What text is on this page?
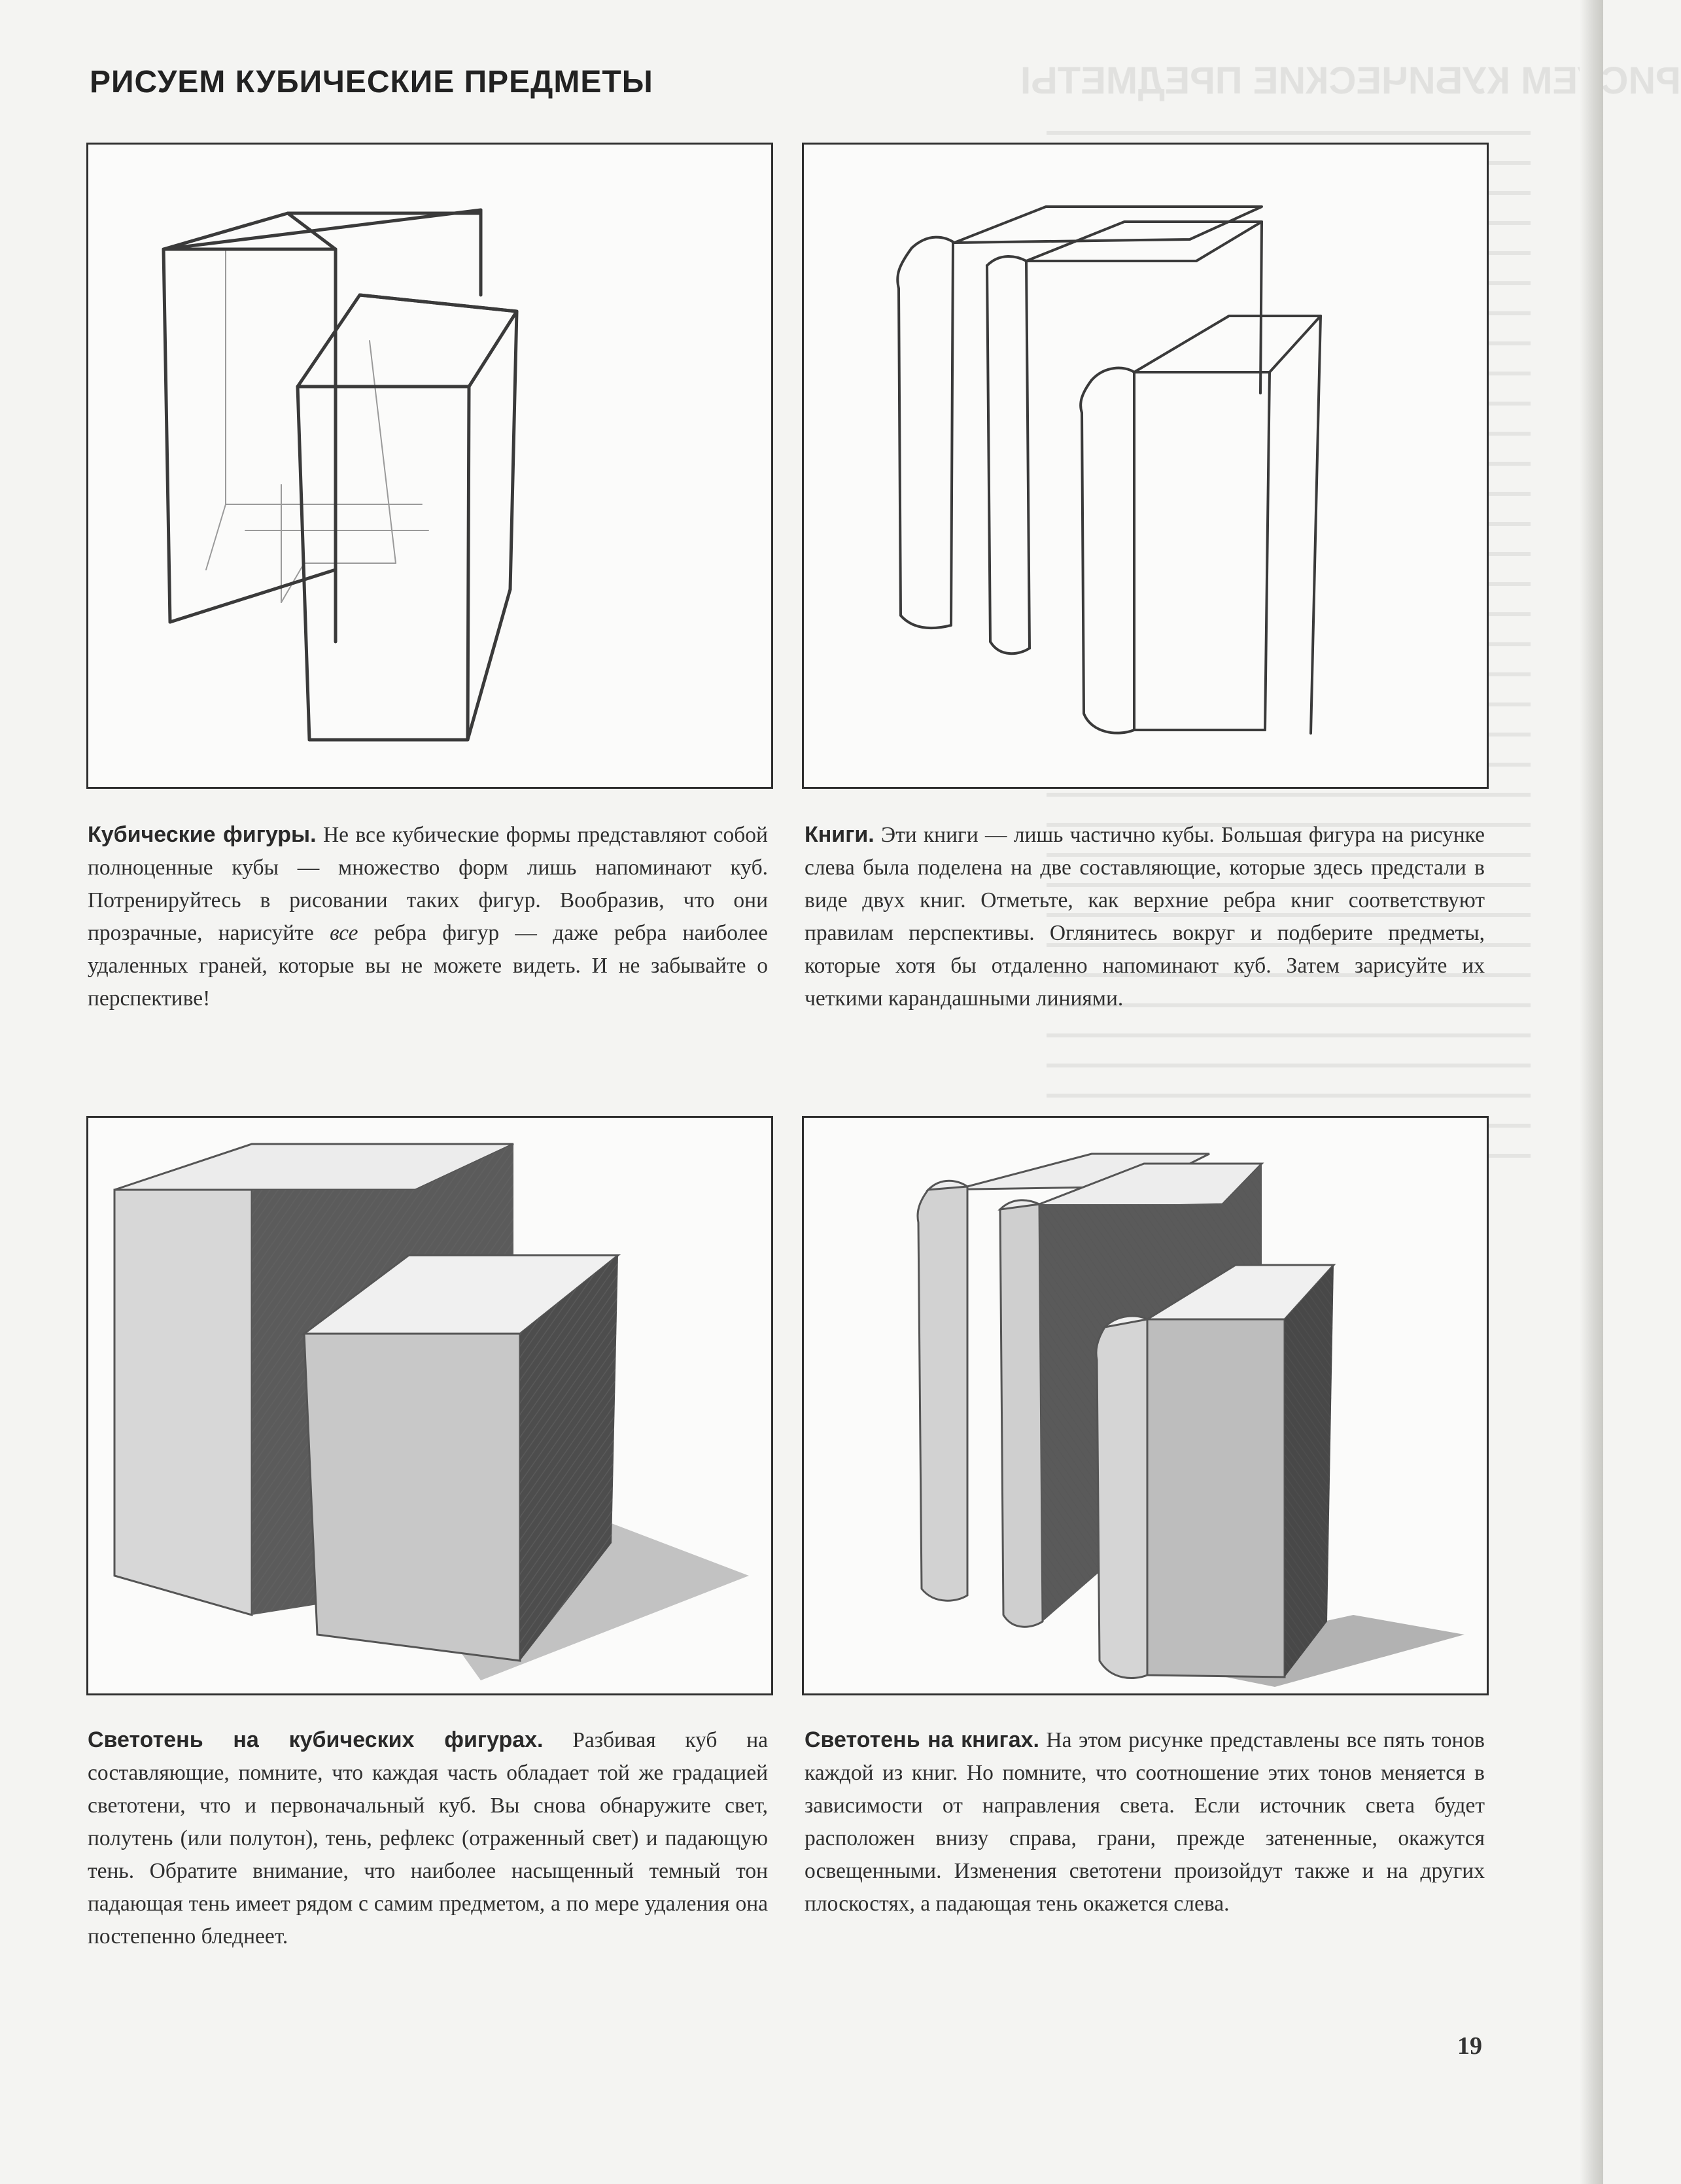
РИСУЕМ КУБИЧЕСКИЕ ПРЕДМЕТЫ
РИСУЕМ КУБИЧЕСКИЕ ПРЕДМЕТЫ

Кубические фигуры. Не все кубические формы представляют собой полноценные кубы — множество форм лишь напоминают куб. Потренируйтесь в рисовании таких фигур. Вообразив, что они прозрачные, нарисуйте все ребра фигур — даже ребра наиболее удаленных граней, которые вы не можете видеть. И не забывайте о перспективе!

Книги. Эти книги — лишь частично кубы. Большая фигура на рисунке слева была поделена на две составляющие, которые здесь предстали в виде двух книг. Отметьте, как верхние ребра книг соответствуют правилам перспективы. Оглянитесь вокруг и подберите предметы, которые хотя бы отдаленно напоминают куб. Затем зарисуйте их четкими карандашными линиями.

Светотень на кубических фигурах. Разбивая куб на составляющие, помните, что каждая часть обладает той же градацией светотени, что и первоначальный куб. Вы снова обнаружите свет, полутень (или полутон), тень, рефлекс (отраженный свет) и падающую тень. Обратите внимание, что наиболее насыщенный темный тон падающая тень имеет рядом с самим предметом, а по мере удаления она постепенно бледнеет.

Светотень на книгах. На этом рисунке представлены все пять тонов каждой из книг. Но помните, что соотношение этих тонов меняется в зависимости от направления света. Если источник света будет расположен внизу справа, грани, прежде затененные, окажутся освещенными. Изменения светотени произойдут также и на других плоскостях, а падающая тень окажется слева.

19
